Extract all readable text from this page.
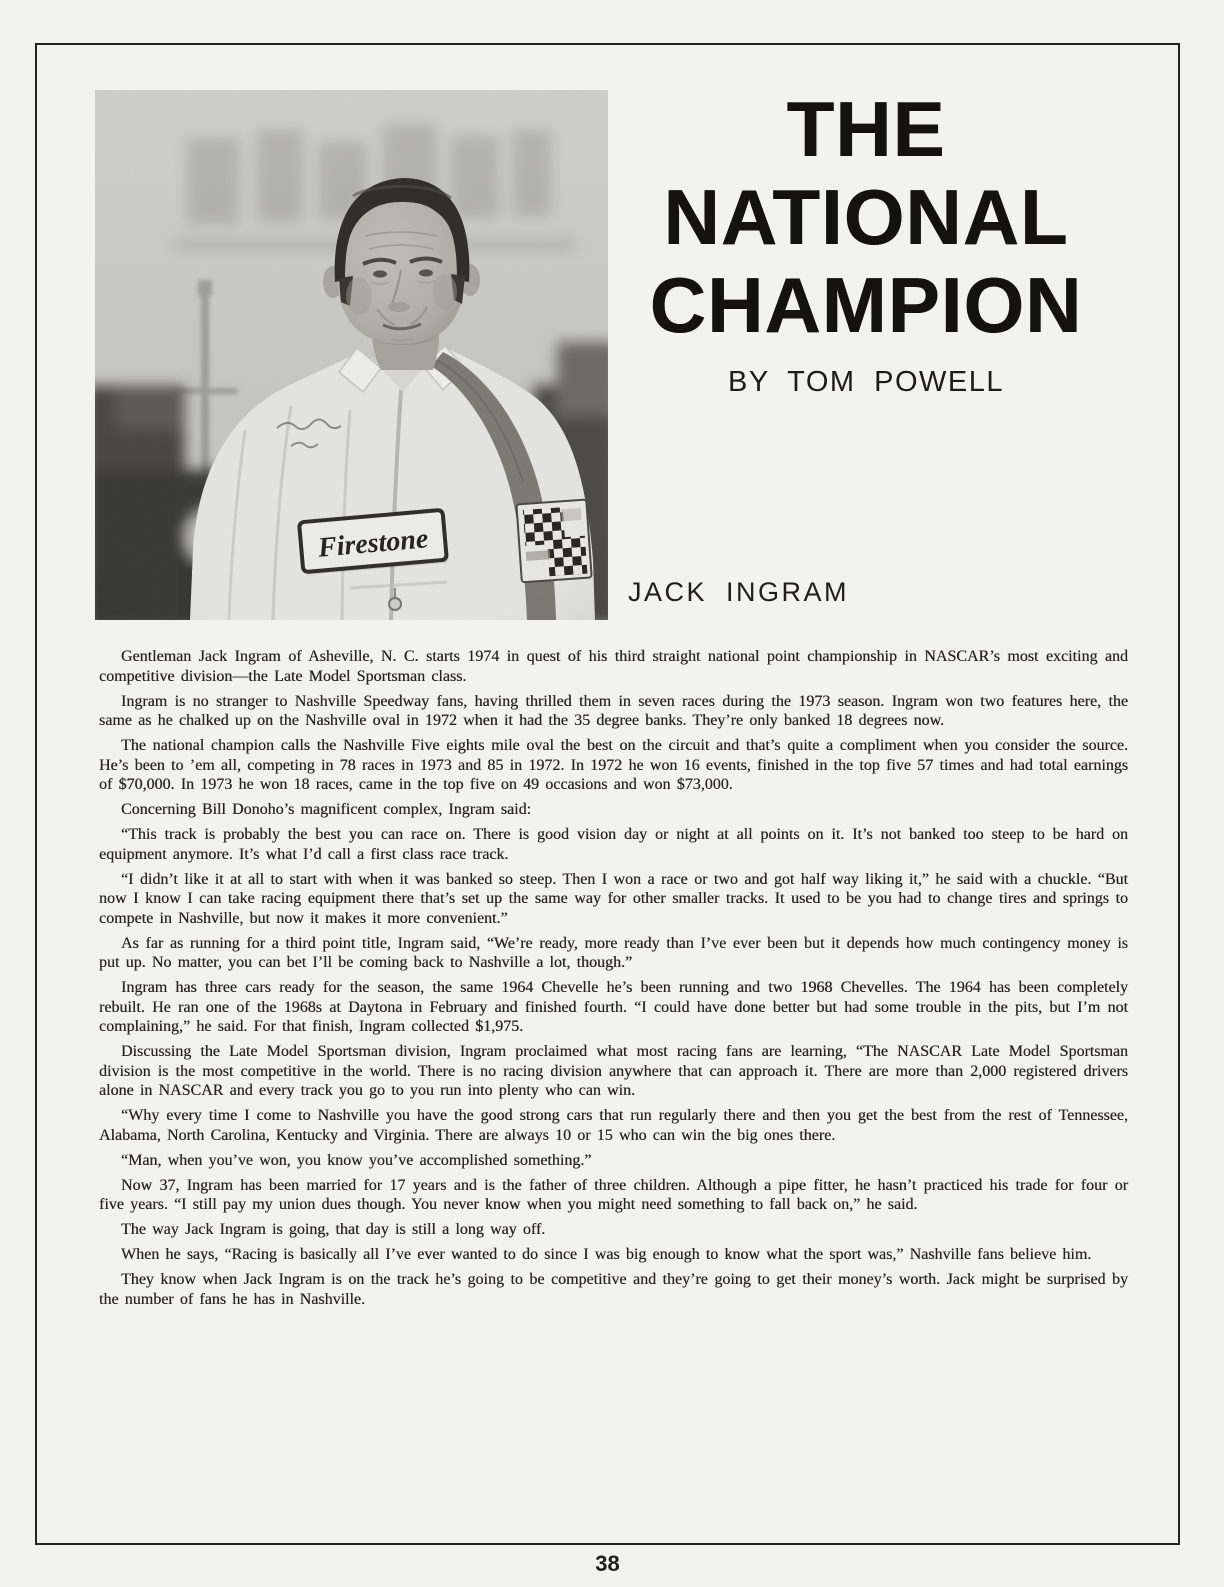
THE
NATIONAL
CHAMPION
BY TOM POWELL
JACK INGRAM

Gentleman Jack Ingram of Asheville, N. C. starts 1974 in quest of his third straight national point championship in NASCAR’s most exciting and competitive division—the Late Model Sportsman class.

Ingram is no stranger to Nashville Speedway fans, having thrilled them in seven races during the 1973 season. Ingram won two features here, the same as he chalked up on the Nashville oval in 1972 when it had the 35 degree banks. They’re only banked 18 degrees now.

The national champion calls the Nashville Five eights mile oval the best on the circuit and that’s quite a compliment when you consider the source. He’s been to ’em all, competing in 78 races in 1973 and 85 in 1972. In 1972 he won 16 events, finished in the top five 57 times and had total earnings of $70,000. In 1973 he won 18 races, came in the top five on 49 occasions and won $73,000.

Concerning Bill Donoho’s magnificent complex, Ingram said:

“This track is probably the best you can race on. There is good vision day or night at all points on it. It’s not banked too steep to be hard on equipment anymore. It’s what I’d call a first class race track.

“I didn’t like it at all to start with when it was banked so steep. Then I won a race or two and got half way liking it,” he said with a chuckle. “But now I know I can take racing equipment there that’s set up the same way for other smaller tracks. It used to be you had to change tires and springs to compete in Nashville, but now it makes it more convenient.”

As far as running for a third point title, Ingram said, “We’re ready, more ready than I’ve ever been but it depends how much contingency money is put up. No matter, you can bet I’ll be coming back to Nashville a lot, though.”

Ingram has three cars ready for the season, the same 1964 Chevelle he’s been running and two 1968 Chevelles. The 1964 has been completely rebuilt. He ran one of the 1968s at Daytona in February and finished fourth. “I could have done better but had some trouble in the pits, but I’m not complaining,” he said. For that finish, Ingram collected $1,975.

Discussing the Late Model Sportsman division, Ingram proclaimed what most racing fans are learning, “The NASCAR Late Model Sportsman division is the most competitive in the world. There is no racing division anywhere that can approach it. There are more than 2,000 registered drivers alone in NASCAR and every track you go to you run into plenty who can win.

“Why every time I come to Nashville you have the good strong cars that run regularly there and then you get the best from the rest of Tennessee, Alabama, North Carolina, Kentucky and Virginia. There are always 10 or 15 who can win the big ones there.

“Man, when you’ve won, you know you’ve accomplished something.”

Now 37, Ingram has been married for 17 years and is the father of three children. Although a pipe fitter, he hasn’t practiced his trade for four or five years. “I still pay my union dues though. You never know when you might need something to fall back on,” he said.

The way Jack Ingram is going, that day is still a long way off.

When he says, “Racing is basically all I’ve ever wanted to do since I was big enough to know what the sport was,” Nashville fans believe him.

They know when Jack Ingram is on the track he’s going to be competitive and they’re going to get their money’s worth. Jack might be surprised by the number of fans he has in Nashville.

38
